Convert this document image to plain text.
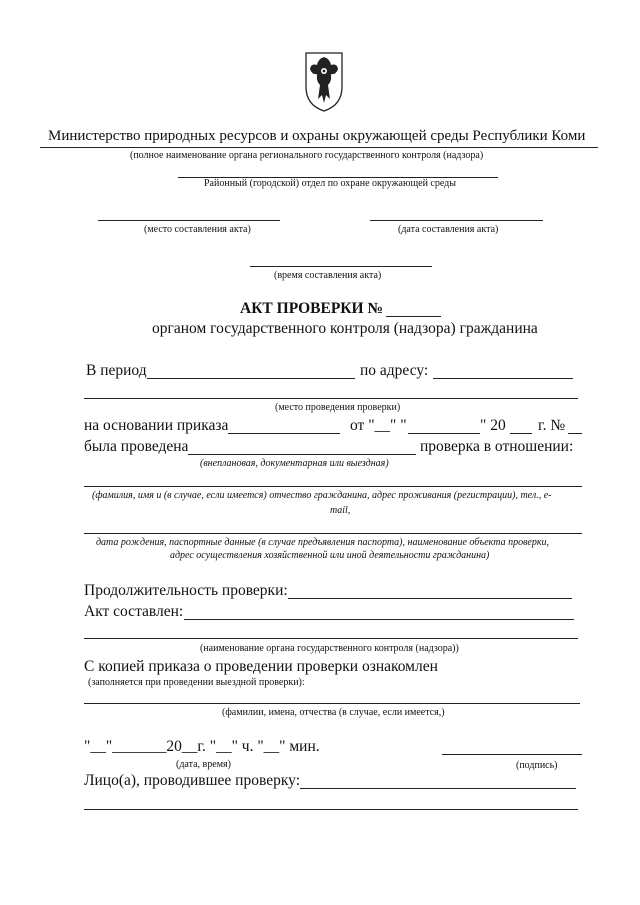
Министерство природных ресурсов и охраны окружающей среды Республики Коми
(полное наименование органа регионального государственного контроля (надзора)
Районный (городской) отдел по охране окружающей среды
(место составления акта)	(дата составления акта)
(время составления акта)
АКТ ПРОВЕРКИ №
органом государственного контроля (надзора) гражданина
В период	по адресу:
(место проведения проверки)
на основании приказа	от "__" "	" 20 г. №
была проведена	проверка в отношении:
(внеплановая, документарная или выездная)
(фамилия, имя и (в случае, если имеется) отчество гражданина, адрес проживания (регистрации), тел., e-
mail,
дата рождения, паспортные данные (в случае предъявления паспорта), наименование объекта проверки,
адрес осуществления хозяйственной или иной деятельности гражданина)
Продолжительность проверки:
Акт составлен:
(наименование органа государственного контроля (надзора))
С копией приказа о проведении проверки ознакомлен
(заполняется при проведении выездной проверки):
(фамилии, имена, отчества (в случае, если имеется,)
"__"_______20__г. "__" ч. "__" мин.
(дата, время)	(подпись)
Лицо(а), проводившее проверку:
